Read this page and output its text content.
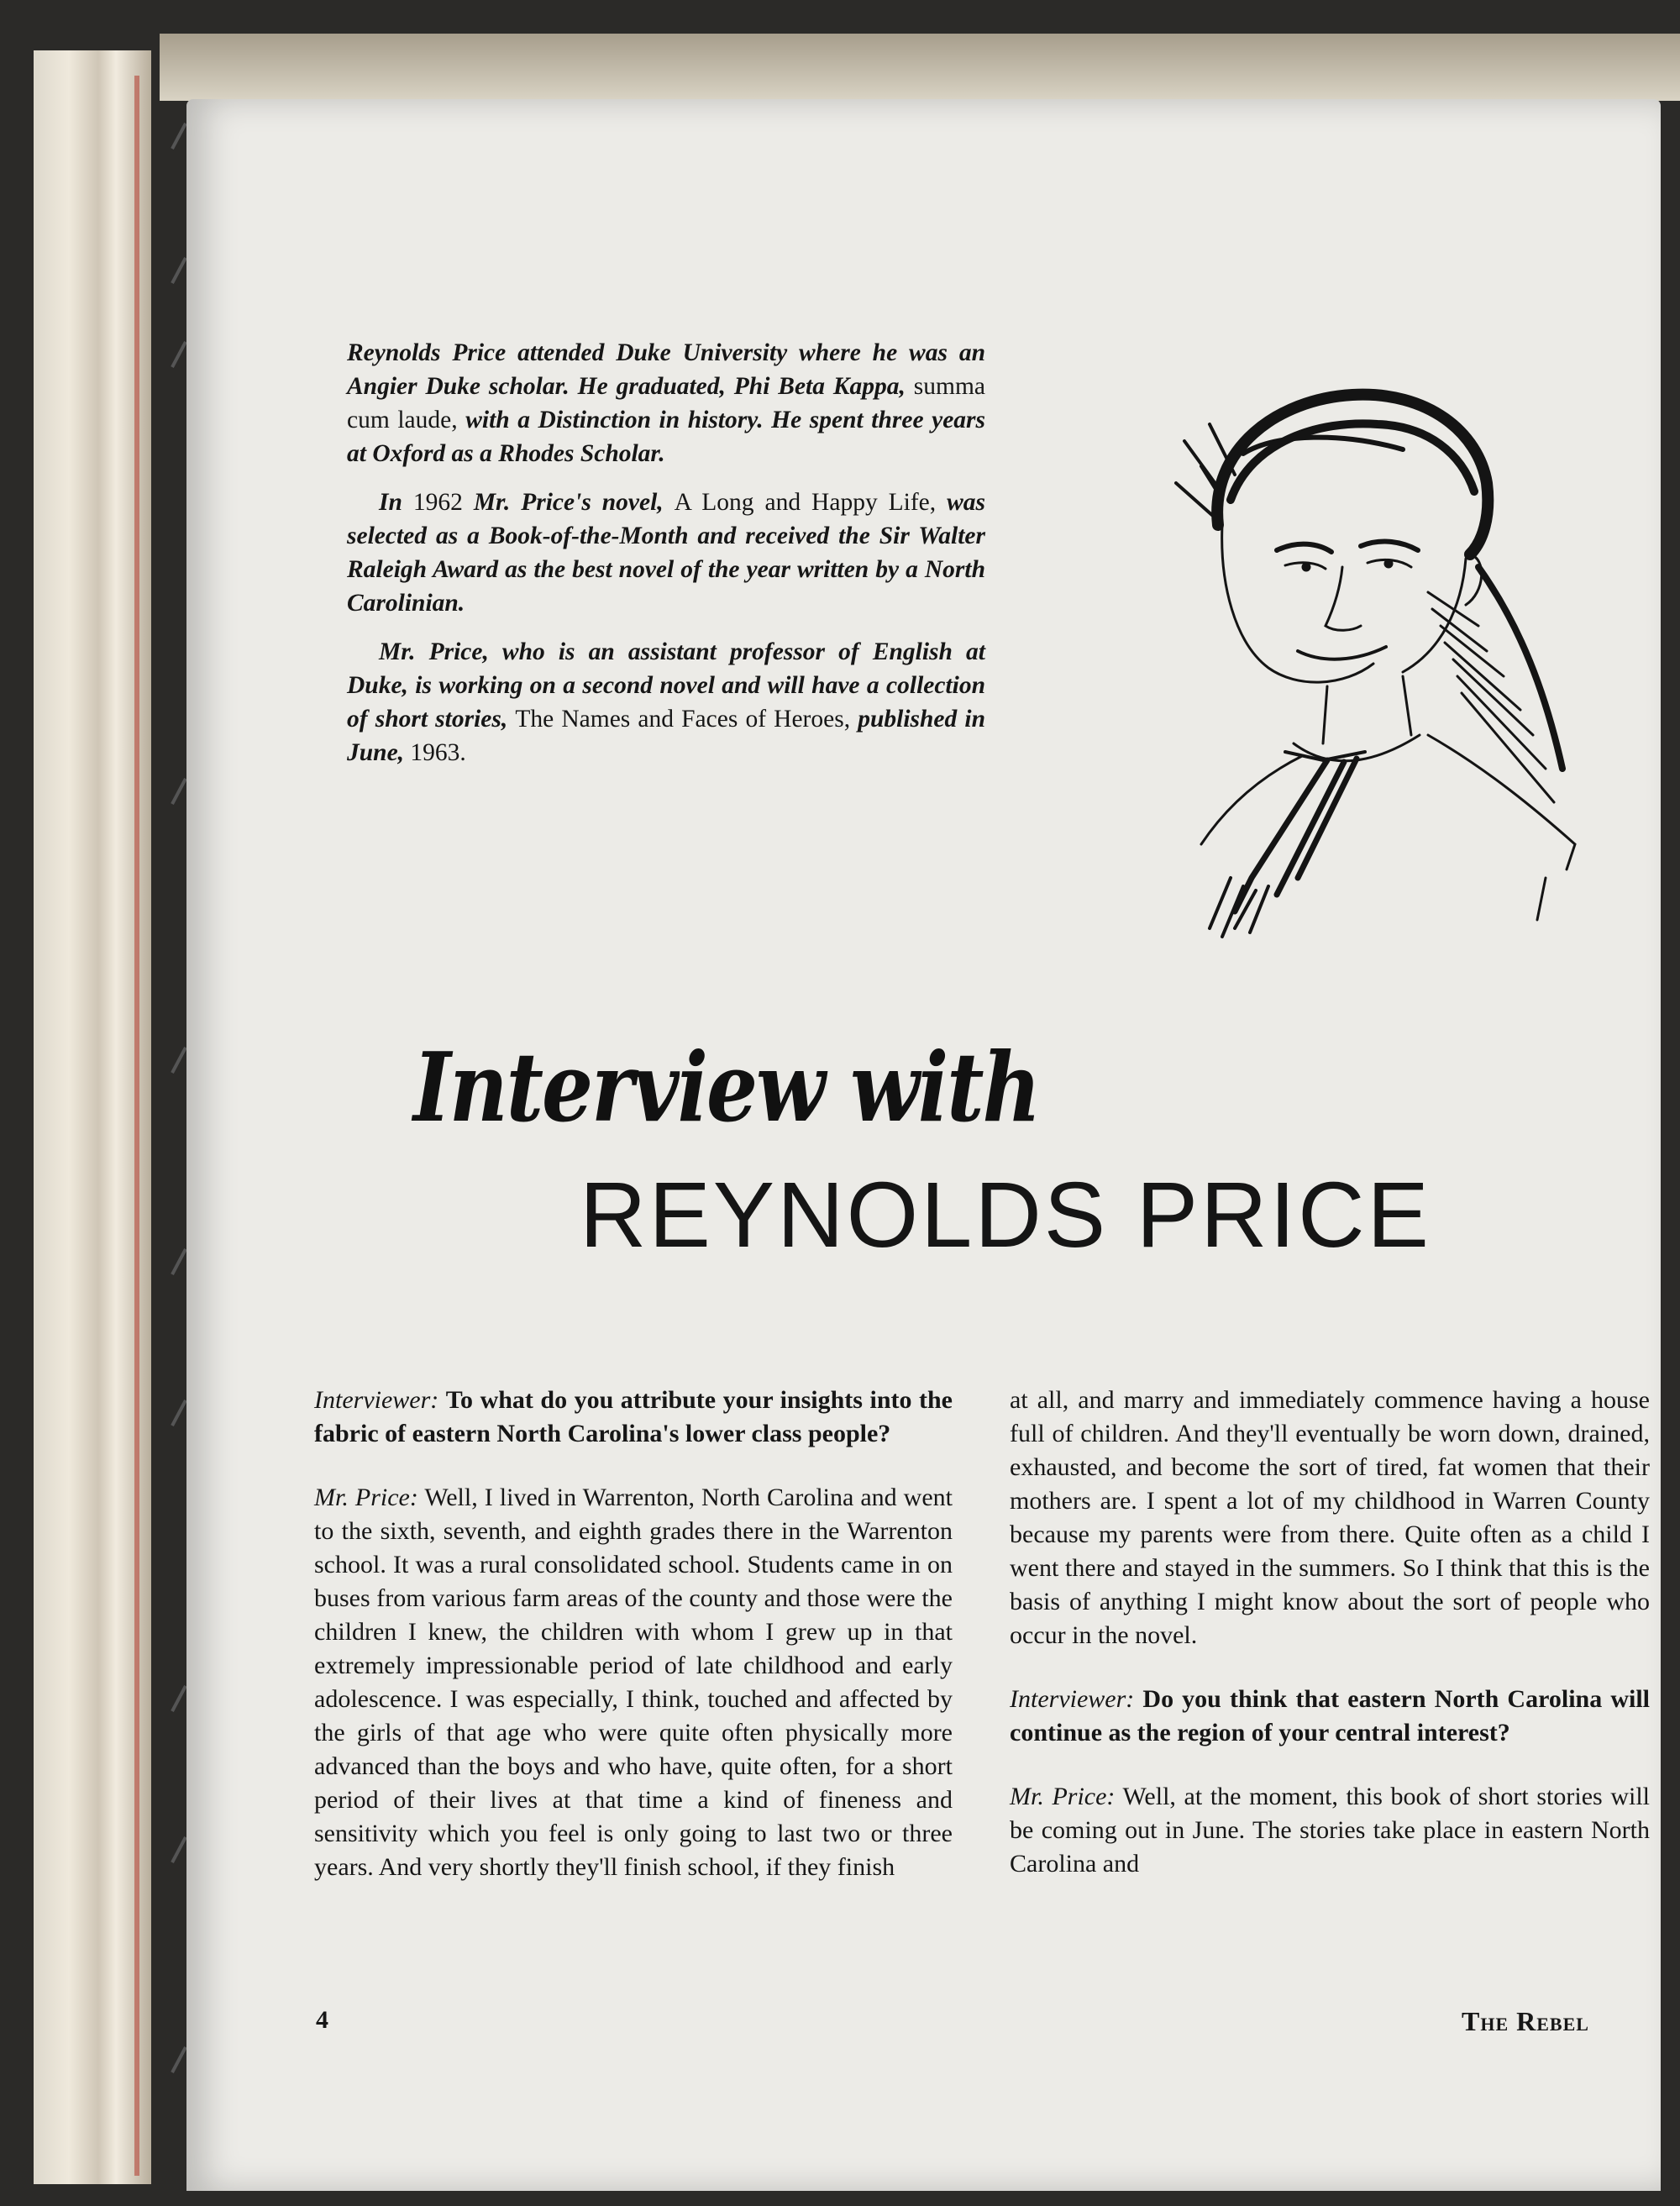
Reynolds Price attended Duke University where he was an Angier Duke scholar. He graduated, Phi Beta Kappa, summa cum laude, with a Distinction in history. He spent three years at Oxford as a Rhodes Scholar.

In 1962 Mr. Price's novel, A Long and Happy Life, was selected as a Book-of-the-Month and received the Sir Walter Raleigh Award as the best novel of the year written by a North Carolinian.

Mr. Price, who is an assistant professor of English at Duke, is working on a second novel and will have a collection of short stories, The Names and Faces of Heroes, published in June, 1963.

Interview with
REYNOLDS PRICE

Interviewer: To what do you attribute your insights into the fabric of eastern North Carolina's lower class people?

Mr. Price: Well, I lived in Warrenton, North Carolina and went to the sixth, seventh, and eighth grades there in the Warrenton school. It was a rural consolidated school. Students came in on buses from various farm areas of the county and those were the children I knew, the children with whom I grew up in that extremely impressionable period of late childhood and early adolescence. I was especially, I think, touched and affected by the girls of that age who were quite often physically more advanced than the boys and who have, quite often, for a short period of their lives at that time a kind of fineness and sensitivity which you feel is only going to last two or three years. And very shortly they'll finish school, if they finish

at all, and marry and immediately commence having a house full of children. And they'll eventually be worn down, drained, exhausted, and become the sort of tired, fat women that their mothers are. I spent a lot of my childhood in Warren County because my parents were from there. Quite often as a child I went there and stayed in the summers. So I think that this is the basis of anything I might know about the sort of people who occur in the novel.

Interviewer: Do you think that eastern North Carolina will continue as the region of your central interest?

Mr. Price: Well, at the moment, this book of short stories will be coming out in June. The stories take place in eastern North Carolina and

4	The Rebel
